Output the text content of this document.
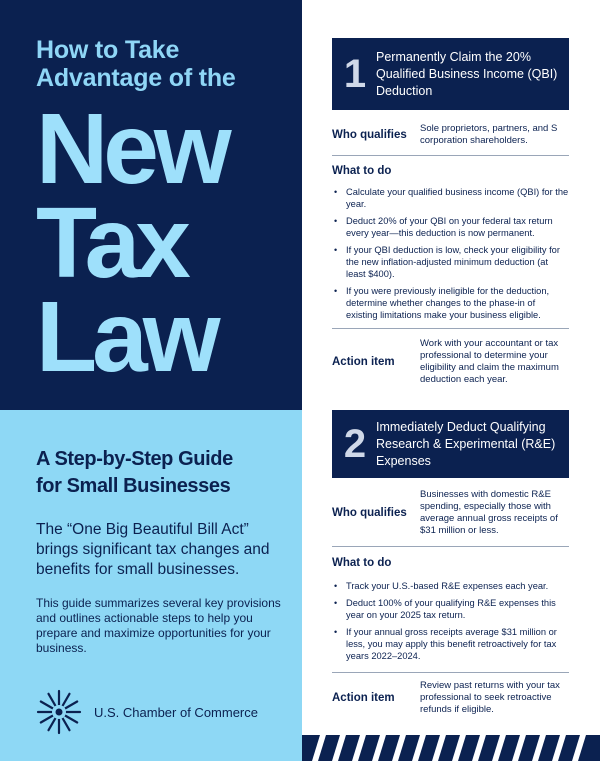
How to Take
Advantage of the
New
Tax
Law
A Step-by-Step Guide
for Small Businesses

The “One Big Beautiful Bill Act” brings significant tax changes and benefits for small businesses.

This guide summarizes several key provisions and outlines actionable steps to help you prepare and maximize opportunities for your business.

U.S. Chamber of Commerce
1 Permanently Claim the 20% Qualified Business Income (QBI) Deduction
Who qualifies
Sole proprietors, partners, and S corporation shareholders.
What to do
• Calculate your qualified business income (QBI) for the year.
• Deduct 20% of your QBI on your federal tax return every year—this deduction is now permanent.
• If your QBI deduction is low, check your eligibility for the new inflation-adjusted minimum deduction (at least $400).
• If you were previously ineligible for the deduction, determine whether changes to the phase-in of existing limitations make your business eligible.
Action item
Work with your accountant or tax professional to determine your eligibility and claim the maximum deduction each year.
2 Immediately Deduct Qualifying Research & Experimental (R&E) Expenses
Who qualifies
Businesses with domestic R&E spending, especially those with average annual gross receipts of $31 million or less.
What to do
• Track your U.S.-based R&E expenses each year.
• Deduct 100% of your qualifying R&E expenses this year on your 2025 tax return.
• If your annual gross receipts average $31 million or less, you may apply this benefit retroactively for tax years 2022–2024.
Action item
Review past returns with your tax professional to seek retroactive refunds if eligible.
